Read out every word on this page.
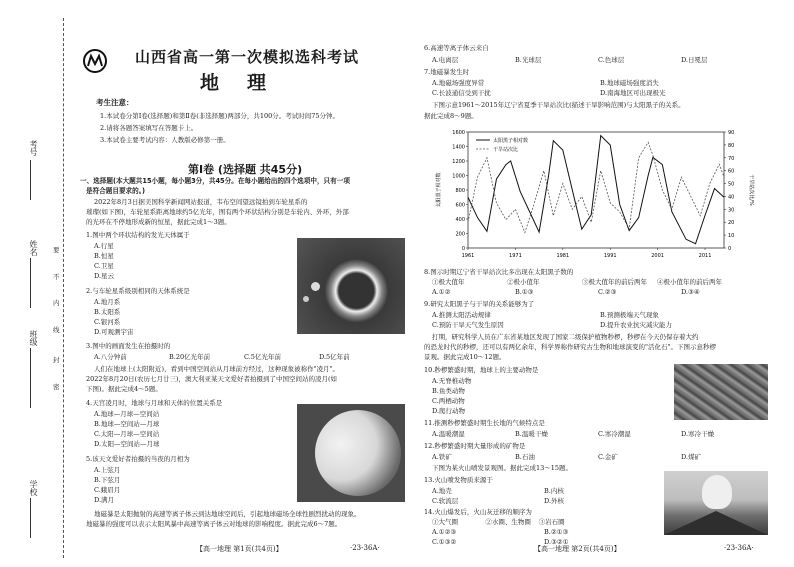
考号
姓名
班级
学校
要
不
内
线
封
密
山西省高一第一次模拟选科考试
地理
考生注意：
1.本试卷分第Ⅰ卷(选择题)和第Ⅱ卷(非选择题)两部分，共100分。考试时间75分钟。
2.请将各题答案填写在答题卡上。
3.本试卷主要考试内容：人教版必修第一册。
第Ⅰ卷 (选择题 共45分)
一、选择题(本大题共15小题，每小题3分，共45分。在每小题给出的四个选项中，只有一项
是符合题目要求的。)
2022年8月3日据美国科学新闻网站报道，韦布空间望远镜拍到车轮星系的
璀璨(如下图)，车轮星系距离地球约5亿光年，图有两个环状结构分别是车轮内、外环，外部
的光环在不停地形成新的恒星，据此完成1～3题。
1.图中两个环状结构的发光天体属于
A.行星
B.恒星
C.卫星
D.星云
2.与车轮星系级别相同的天体系统是
A.地月系
B.太阳系
C.银河系
D.可观测宇宙
3.图中的画面发生在拍摄时的
A.八分钟前	B.20亿光年前	C.5亿光年前	D.5亿年前
人们在地球上(太阳附近)，看到中国空间站从月球前方经过，这种现象被称作"凌月"。
2022年8月20日(农历七月廿三)，澳大利亚某天文爱好者拍摄到了中国空间站的凌月(如
下图)。据此完成4～5题。
4.天宫凌月时，地球与月球和天体的位置关系是
A.地球—月球—空间站
B.地球—空间站—月球
C.太阳—月球—空间站
D.太阳—空间站—月球
5.该天文爱好者拍摄的当夜的月相为
A.上弦月
B.下弦月
C.蛾眉月
D.满月
地磁暴是太阳抛射的高速等离子体云到达地球空间后，引起地球磁场全球性剧烈扰动的现象。
地磁暴的强度可以表示太阳风暴中高速等离子体云对地球的影响程度。据此完成6～7题。
【高一地理 第1页(共4页)】	·23-36A·
6.高速等离子体云来自
A.电离层	B.光球层	C.色球层	D.日冕层
7.地磁暴发生时
A.地磁场强度异常	B.地球磁场强度消失
C.长波通信受到干扰	D.南海地区可出现极光
下图示意1961～2015年辽宁省夏季干旱站次比(描述干旱影响范围)与太阳黑子的关系。
据此完成8～9题。
0
200
400
600
800
1000
1200
1400
1600
0
10
20
30
40
50
60
70
80
90
1961	1971	1981	1991	2001	2011
太阳黑子相对数	干旱站次比/%
太阳黑子相对数
干旱站次比
8.图示时期辽宁省干旱站次比多出现在太阳黑子数的
①极大值年	②极小值年	③极大值年的前后两年	④极小值年的前后两年
A.①②	B.①③	C.②③	D.③④
9.研究太阳黑子与干旱的关系能够为了
A.推测太阳活动规律	B.预测极端天气现象
C.预防干旱天气发生原因	D.提升农业抗灾减灾能力
打期，研究科学人员在广东省某地区发现了国家二级保护植物秒椤，秒椤在今天仍保存着大约
的恐龙时代的秒椤，还可以有两亿余年，科学界称作研究古生物和地球演变的"活化石"。下图示意秒椤
景观。据此完成10～12题。
10.秒椤繁盛时期，地球上的主要动物是
A.无脊椎动物
B.鱼类动物
C.两栖动物
D.爬行动物
11.推测秒椤繁盛时期生长地的气候特点是
A.温暖潮湿	B.温暖干燥	C.寒冷潮湿	D.寒冷干燥
12.秒椤繁盛时期大量形成的矿物是
A.铁矿	B.石油	C.金矿	D.煤矿
下图为某火山喷发景观图。据此完成13～15题。
13.火山喷发物质来源于
A.地壳	B.内核
C.软流层	D.外核
14.火山爆发后，火山灰迁移的顺序为
①大气圈	②水圈、生物圈	③岩石圈
A.①②③	B.②①③
C.①③②	D.③②①
【高一地理 第2页(共4页)】	·23-36A·
